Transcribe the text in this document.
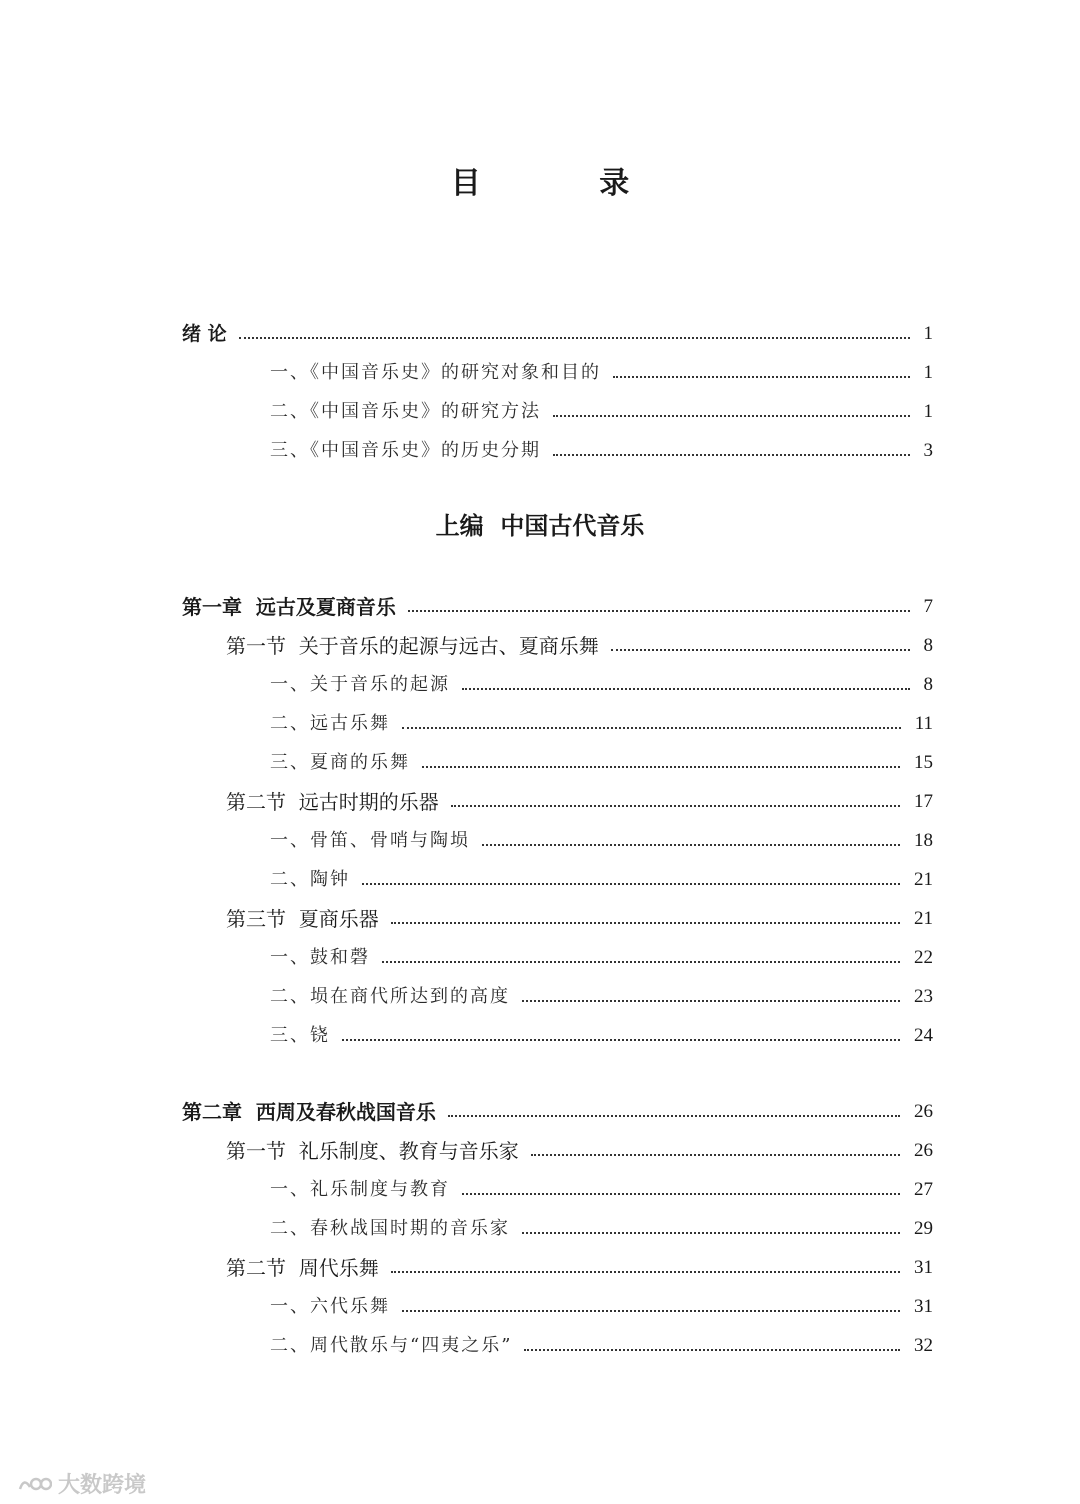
目 录
绪 论	1
一、《中国音乐史》的研究对象和目的	1
二、《中国音乐史》的研究方法	1
三、《中国音乐史》的历史分期	3
上编  中国古代音乐
第一章  远古及夏商音乐	7
第一节  关于音乐的起源与远古、夏商乐舞	8
一、关于音乐的起源	8
二、远古乐舞	11
三、夏商的乐舞	15
第二节  远古时期的乐器	17
一、骨笛、骨哨与陶埙	18
二、陶钟	21
第三节  夏商乐器	21
一、鼓和磬	22
二、埙在商代所达到的高度	23
三、铙	24
第二章  西周及春秋战国音乐	26
第一节  礼乐制度、教育与音乐家	26
一、礼乐制度与教育	27
二、春秋战国时期的音乐家	29
第二节  周代乐舞	31
一、六代乐舞	31
二、周代散乐与“四夷之乐”	32
大数跨境
